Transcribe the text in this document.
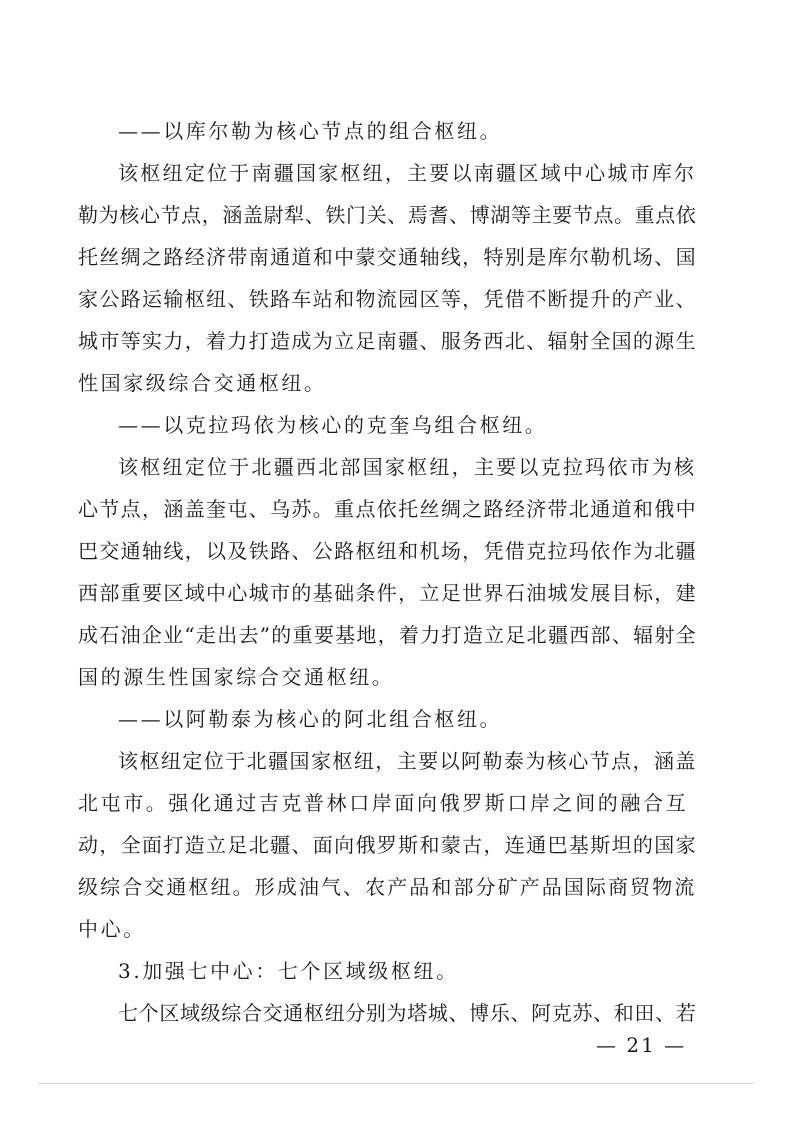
——以库尔勒为核心节点的组合枢纽。

该枢纽定位于南疆国家枢纽，主要以南疆区域中心城市库尔
勒为核心节点，涵盖尉犁、铁门关、焉耆、博湖等主要节点。重点依
托丝绸之路经济带南通道和中蒙交通轴线，特别是库尔勒机场、国
家公路运输枢纽、铁路车站和物流园区等，凭借不断提升的产业、
城市等实力，着力打造成为立足南疆、服务西北、辐射全国的源生
性国家级综合交通枢纽。

——以克拉玛依为核心的克奎乌组合枢纽。

该枢纽定位于北疆西北部国家枢纽，主要以克拉玛依市为核
心节点，涵盖奎屯、乌苏。重点依托丝绸之路经济带北通道和俄中
巴交通轴线，以及铁路、公路枢纽和机场，凭借克拉玛依作为北疆
西部重要区域中心城市的基础条件，立足世界石油城发展目标，建
成石油企业“走出去”的重要基地，着力打造立足北疆西部、辐射全
国的源生性国家综合交通枢纽。

——以阿勒泰为核心的阿北组合枢纽。

该枢纽定位于北疆国家枢纽，主要以阿勒泰为核心节点，涵盖
北屯市。强化通过吉克普林口岸面向俄罗斯口岸之间的融合互
动，全面打造立足北疆、面向俄罗斯和蒙古，连通巴基斯坦的国家
级综合交通枢纽。形成油气、农产品和部分矿产品国际商贸物流
中心。

3.加强七中心：七个区域级枢纽。

七个区域级综合交通枢纽分别为塔城、博乐、阿克苏、和田、若

— 21 —
